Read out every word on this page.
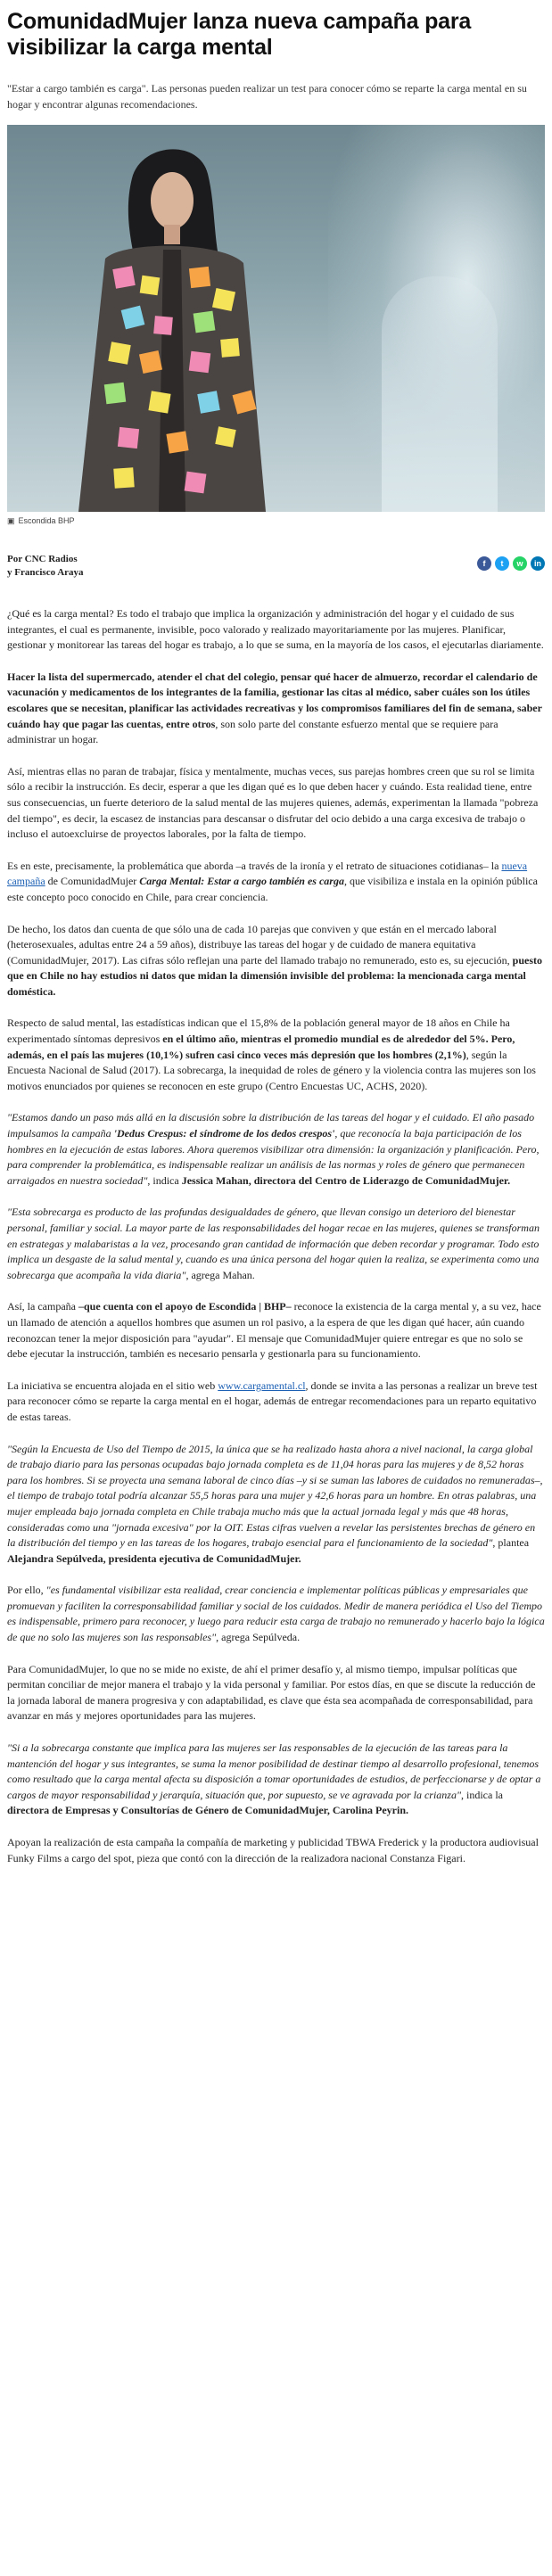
ComunidadMujer lanza nueva campaña para visibilizar la carga mental

"Estar a cargo también es carga". Las personas pueden realizar un test para conocer cómo se reparte la carga mental en su hogar y encontrar algunas recomendaciones.

▣ Escondida BHP
Por CNC Radios
y Francisco Araya
f	t	w	in

¿Qué es la carga mental? Es todo el trabajo que implica la organización y administración del hogar y el cuidado de sus integrantes, el cual es permanente, invisible, poco valorado y realizado mayoritariamente por las mujeres. Planificar, gestionar y monitorear las tareas del hogar es trabajo, a lo que se suma, en la mayoría de los casos, el ejecutarlas diariamente.

Hacer la lista del supermercado, atender el chat del colegio, pensar qué hacer de almuerzo, recordar el calendario de vacunación y medicamentos de los integrantes de la familia, gestionar las citas al médico, saber cuáles son los útiles escolares que se necesitan, planificar las actividades recreativas y los compromisos familiares del fin de semana, saber cuándo hay que pagar las cuentas, entre otros, son solo parte del constante esfuerzo mental que se requiere para administrar un hogar.

Así, mientras ellas no paran de trabajar, física y mentalmente, muchas veces, sus parejas hombres creen que su rol se limita sólo a recibir la instrucción. Es decir, esperar a que les digan qué es lo que deben hacer y cuándo. Esta realidad tiene, entre sus consecuencias, un fuerte deterioro de la salud mental de las mujeres quienes, además, experimentan la llamada "pobreza del tiempo", es decir, la escasez de instancias para descansar o disfrutar del ocio debido a una carga excesiva de trabajo o incluso el autoexcluirse de proyectos laborales, por la falta de tiempo.

Es en este, precisamente, la problemática que aborda –a través de la ironía y el retrato de situaciones cotidianas– la nueva campaña de ComunidadMujer Carga Mental: Estar a cargo también es carga, que visibiliza e instala en la opinión pública este concepto poco conocido en Chile, para crear conciencia.

De hecho, los datos dan cuenta de que sólo una de cada 10 parejas que conviven y que están en el mercado laboral (heterosexuales, adultas entre 24 a 59 años), distribuye las tareas del hogar y de cuidado de manera equitativa (ComunidadMujer, 2017). Las cifras sólo reflejan una parte del llamado trabajo no remunerado, esto es, su ejecución, puesto que en Chile no hay estudios ni datos que midan la dimensión invisible del problema: la mencionada carga mental doméstica.

Respecto de salud mental, las estadísticas indican que el 15,8% de la población general mayor de 18 años en Chile ha experimentado síntomas depresivos en el último año, mientras el promedio mundial es de alrededor del 5%. Pero, además, en el país las mujeres (10,1%) sufren casi cinco veces más depresión que los hombres (2,1%), según la Encuesta Nacional de Salud (2017). La sobrecarga, la inequidad de roles de género y la violencia contra las mujeres son los motivos enunciados por quienes se reconocen en este grupo (Centro Encuestas UC, ACHS, 2020).

"Estamos dando un paso más allá en la discusión sobre la distribución de las tareas del hogar y el cuidado. El año pasado impulsamos la campaña 'Dedus Crespus: el síndrome de los dedos crespos', que reconocía la baja participación de los hombres en la ejecución de estas labores. Ahora queremos visibilizar otra dimensión: la organización y planificación. Pero, para comprender la problemática, es indispensable realizar un análisis de las normas y roles de género que permanecen arraigados en nuestra sociedad", indica Jessica Mahan, directora del Centro de Liderazgo de ComunidadMujer.

"Esta sobrecarga es producto de las profundas desigualdades de género, que llevan consigo un deterioro del bienestar personal, familiar y social. La mayor parte de las responsabilidades del hogar recae en las mujeres, quienes se transforman en estrategas y malabaristas a la vez, procesando gran cantidad de información que deben recordar y programar. Todo esto implica un desgaste de la salud mental y, cuando es una única persona del hogar quien la realiza, se experimenta como una sobrecarga que acompaña la vida diaria", agrega Mahan.

Así, la campaña –que cuenta con el apoyo de Escondida | BHP– reconoce la existencia de la carga mental y, a su vez, hace un llamado de atención a aquellos hombres que asumen un rol pasivo, a la espera de que les digan qué hacer, aún cuando reconozcan tener la mejor disposición para "ayudar". El mensaje que ComunidadMujer quiere entregar es que no solo se debe ejecutar la instrucción, también es necesario pensarla y gestionarla para su funcionamiento.

La iniciativa se encuentra alojada en el sitio web www.cargamental.cl, donde se invita a las personas a realizar un breve test para reconocer cómo se reparte la carga mental en el hogar, además de entregar recomendaciones para un reparto equitativo de estas tareas.

"Según la Encuesta de Uso del Tiempo de 2015, la única que se ha realizado hasta ahora a nivel nacional, la carga global de trabajo diario para las personas ocupadas bajo jornada completa es de 11,04 horas para las mujeres y de 8,52 horas para los hombres. Si se proyecta una semana laboral de cinco días –y si se suman las labores de cuidados no remuneradas–, el tiempo de trabajo total podría alcanzar 55,5 horas para una mujer y 42,6 horas para un hombre. En otras palabras, una mujer empleada bajo jornada completa en Chile trabaja mucho más que la actual jornada legal y más que 48 horas, consideradas como una "jornada excesiva" por la OIT. Estas cifras vuelven a revelar las persistentes brechas de género en la distribución del tiempo y en las tareas de los hogares, trabajo esencial para el funcionamiento de la sociedad", plantea Alejandra Sepúlveda, presidenta ejecutiva de ComunidadMujer.

Por ello, "es fundamental visibilizar esta realidad, crear conciencia e implementar políticas públicas y empresariales que promuevan y faciliten la corresponsabilidad familiar y social de los cuidados. Medir de manera periódica el Uso del Tiempo es indispensable, primero para reconocer, y luego para reducir esta carga de trabajo no remunerado y hacerlo bajo la lógica de que no solo las mujeres son las responsables", agrega Sepúlveda.

Para ComunidadMujer, lo que no se mide no existe, de ahí el primer desafío y, al mismo tiempo, impulsar políticas que permitan conciliar de mejor manera el trabajo y la vida personal y familiar. Por estos días, en que se discute la reducción de la jornada laboral de manera progresiva y con adaptabilidad, es clave que ésta sea acompañada de corresponsabilidad, para avanzar en más y mejores oportunidades para las mujeres.

"Si a la sobrecarga constante que implica para las mujeres ser las responsables de la ejecución de las tareas para la mantención del hogar y sus integrantes, se suma la menor posibilidad de destinar tiempo al desarrollo profesional, tenemos como resultado que la carga mental afecta su disposición a tomar oportunidades de estudios, de perfeccionarse y de optar a cargos de mayor responsabilidad y jerarquía, situación que, por supuesto, se ve agravada por la crianza", indica la directora de Empresas y Consultorías de Género de ComunidadMujer, Carolina Peyrin.

Apoyan la realización de esta campaña la compañía de marketing y publicidad TBWA Frederick y la productora audiovisual Funky Films a cargo del spot, pieza que contó con la dirección de la realizadora nacional Constanza Figari.
